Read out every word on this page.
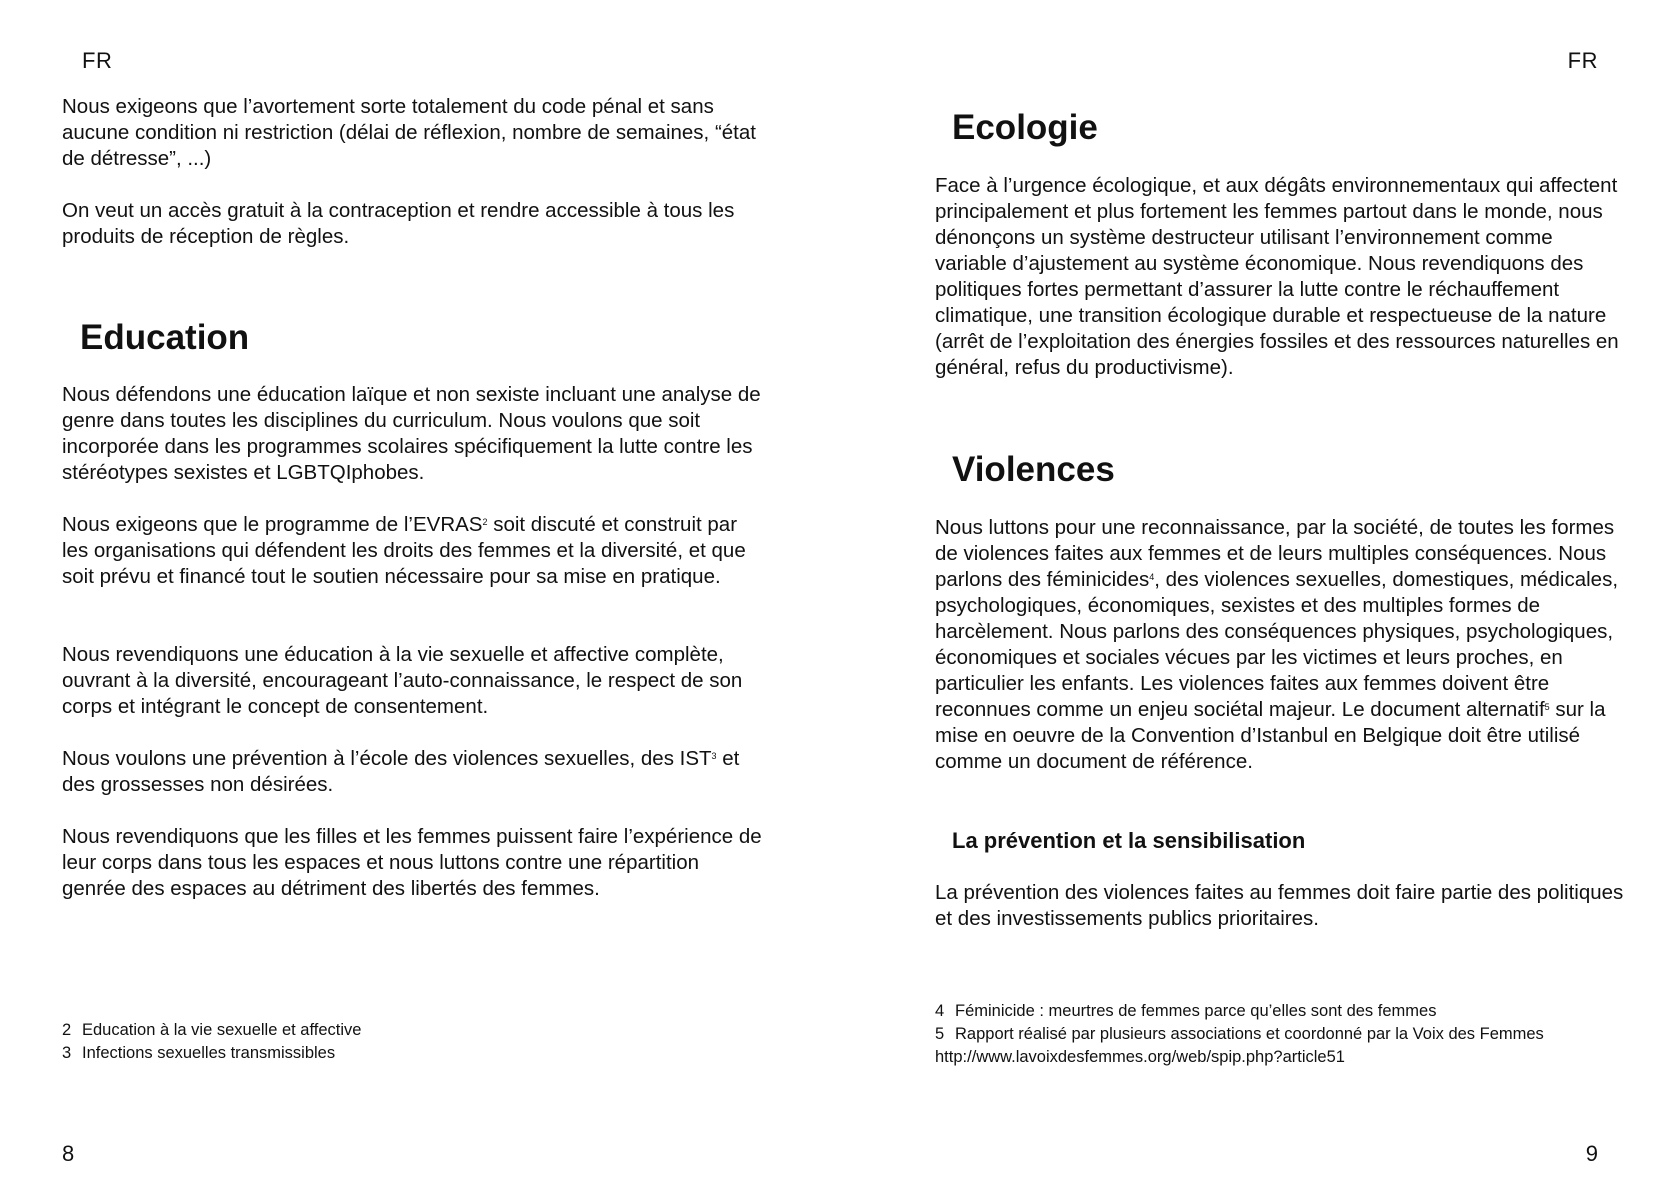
FR

Nous exigeons que l’avortement sorte totalement du code pénal et sans aucune condition ni restriction (délai de réflexion, nombre de semaines, “état de détresse”, ...)

On veut un accès gratuit à la contraception et rendre accessible à tous les produits de réception de règles.

Education

Nous défendons une éducation laïque et non sexiste incluant une analyse de genre dans toutes les disciplines du curriculum. Nous voulons que soit incorporée dans les programmes scolaires spécifiquement la lutte contre les stéréotypes sexistes et LGBTQIphobes.

Nous exigeons que le programme de l’EVRAS$^2$ soit discuté et construit par les organisations qui défendent les droits des femmes et la diversité, et que soit prévu et financé tout le soutien nécessaire pour sa mise en pratique.

Nous revendiquons une éducation à la vie sexuelle et affective complète, ouvrant à la diversité, encourageant l’auto-connaissance, le respect de son corps et intégrant le concept de consentement.

Nous voulons une prévention à l’école des violences sexuelles, des IST$^3$ et des grossesses non désirées.

Nous revendiquons que les filles et les femmes puissent faire l’expérience de leur corps dans tous les espaces et nous luttons contre une répartition genrée des espaces au détriment des libertés des femmes.

2 Education à la vie sexuelle et affective
3 Infections sexuelles transmissibles
8
FR
Ecologie

Face à l’urgence écologique, et aux dégâts environnementaux qui affectent principalement et plus fortement les femmes partout dans le monde, nous dénonçons un système destructeur utilisant l’environnement comme variable d’ajustement au système économique. Nous revendiquons des politiques fortes permettant d’assurer la lutte contre le réchauffement climatique, une transition écologique durable et respectueuse de la nature (arrêt de l’exploitation des énergies fossiles et des ressources naturelles en général, refus du productivisme).

Violences

Nous luttons pour une reconnaissance, par la société, de toutes les formes de violences faites aux femmes et de leurs multiples conséquences. Nous parlons des féminicides$^4$, des violences sexuelles, domestiques, médicales, psychologiques, économiques, sexistes et des multiples formes de harcèlement. Nous parlons des conséquences physiques, psychologiques, économiques et sociales vécues par les victimes et leurs proches, en particulier les enfants. Les violences faites aux femmes doivent être reconnues comme un enjeu sociétal majeur. Le document alternatif$^5$ sur la mise en oeuvre de la Convention d’Istanbul en Belgique doit être utilisé comme un document de référence.

La prévention et la sensibilisation

La prévention des violences faites au femmes doit faire partie des politiques et des investissements publics prioritaires.

4 Féminicide : meurtres de femmes parce qu’elles sont des femmes
5 Rapport réalisé par plusieurs associations et coordonné par la Voix des Femmes
http://www.lavoixdesfemmes.org/web/spip.php?article51
9
